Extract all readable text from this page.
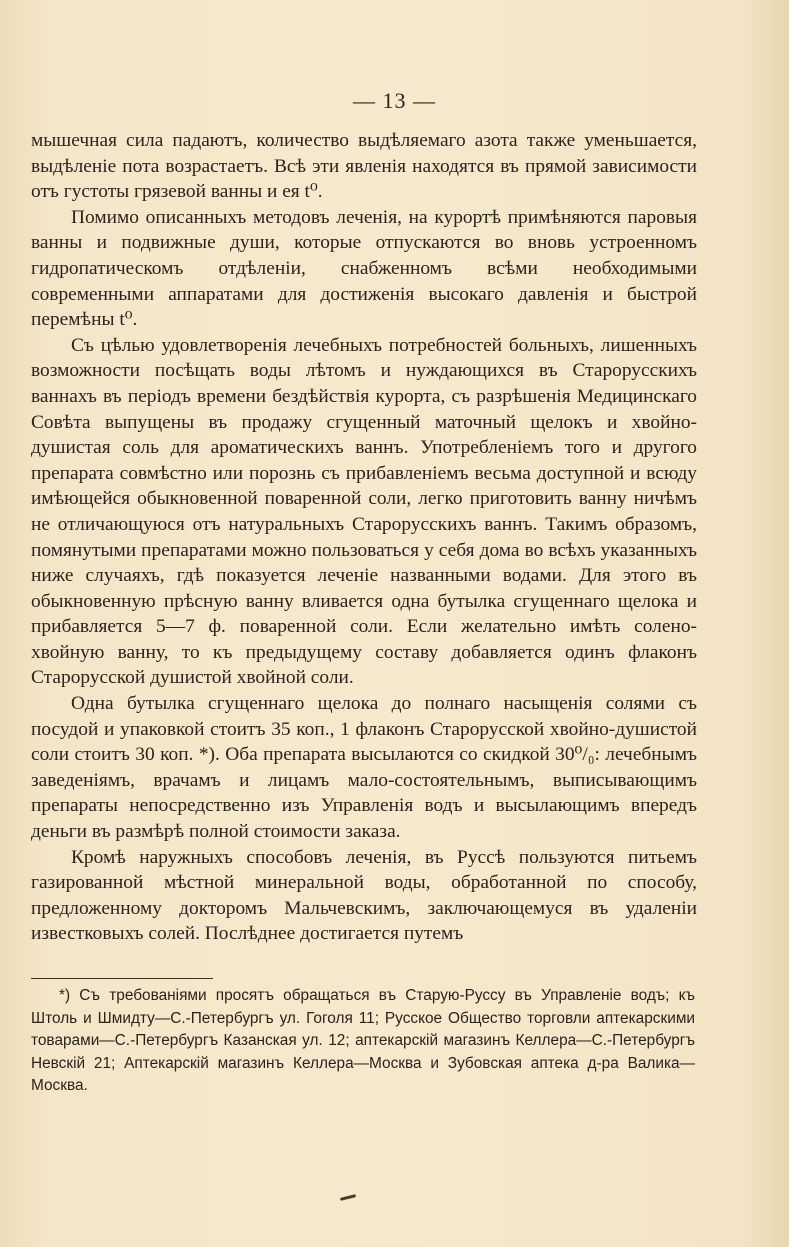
— 13 —

мышечная сила падаютъ, количество выдѣляемаго азота также уменьшается, выдѣленіе пота возрастаетъ. Всѣ эти явленія находятся въ прямой зависимости отъ густоты грязевой ванны и ея t⁰.

Помимо описанныхъ методовъ леченія, на курортѣ примѣняются паровыя ванны и подвижные души, которые отпускаются во вновь устроенномъ гидропатическомъ отдѣленіи, снабженномъ всѣми необходимыми современными аппаратами для достиженія высокаго давленія и быстрой перемѣны t⁰.

Съ цѣлью удовлетворенія лечебныхъ потребностей больныхъ, лишенныхъ возможности посѣщать воды лѣтомъ и нуждающихся въ Старорусскихъ ваннахъ въ періодъ времени бездѣйствія курорта, съ разрѣшенія Медицинскаго Совѣта выпущены въ продажу сгущенный маточный щелокъ и хвойно-душистая соль для ароматическихъ ваннъ. Употребленіемъ того и другого препарата совмѣстно или порознь съ прибавленіемъ весьма доступной и всюду имѣющейся обыкновенной поваренной соли, легко приготовить ванну ничѣмъ не отличающуюся отъ натуральныхъ Старорусскихъ ваннъ. Такимъ образомъ, помянутыми препаратами можно пользоваться у себя дома во всѣхъ указанныхъ ниже случаяхъ, гдѣ показуется леченіе названными водами. Для этого въ обыкновенную прѣсную ванну вливается одна бутылка сгущеннаго щелока и прибавляется 5—7 ф. поваренной соли. Если желательно имѣть солено-хвойную ванну, то къ предыдущему составу добавляется одинъ флаконъ Старорусской душистой хвойной соли.

Одна бутылка сгущеннаго щелока до полнаго насыщенія солями съ посудой и упаковкой стоитъ 35 коп., 1 флаконъ Старорусской хвойно-душистой соли стоитъ 30 коп. *). Оба препарата высылаются со скидкой 30⁰/₀: лечебнымъ заведеніямъ, врачамъ и лицамъ мало-состоятельнымъ, выписывающимъ препараты непосредственно изъ Управленія водъ и высылающимъ впередъ деньги въ размѣрѣ полной стоимости заказа.

Кромѣ наружныхъ способовъ леченія, въ Руссѣ пользуются питьемъ газированной мѣстной минеральной воды, обработанной по способу, предложенному докторомъ Мальчевскимъ, заключающемуся въ удаленіи известковыхъ солей. Послѣднее достигается путемъ

*) Съ требованіями просятъ обращаться въ Старую-Руссу въ Управленіе водъ; къ Штоль и Шмидту—С.-Петербургъ ул. Гоголя 11; Русское Общество торговли аптекарскими товарами—С.-Петербургъ Казанская ул. 12; аптекарскій магазинъ Келлера—С.-Петербургъ Невскій 21; Аптекарскій магазинъ Келлера—Москва и Зубовская аптека д-ра Валика—Москва.
